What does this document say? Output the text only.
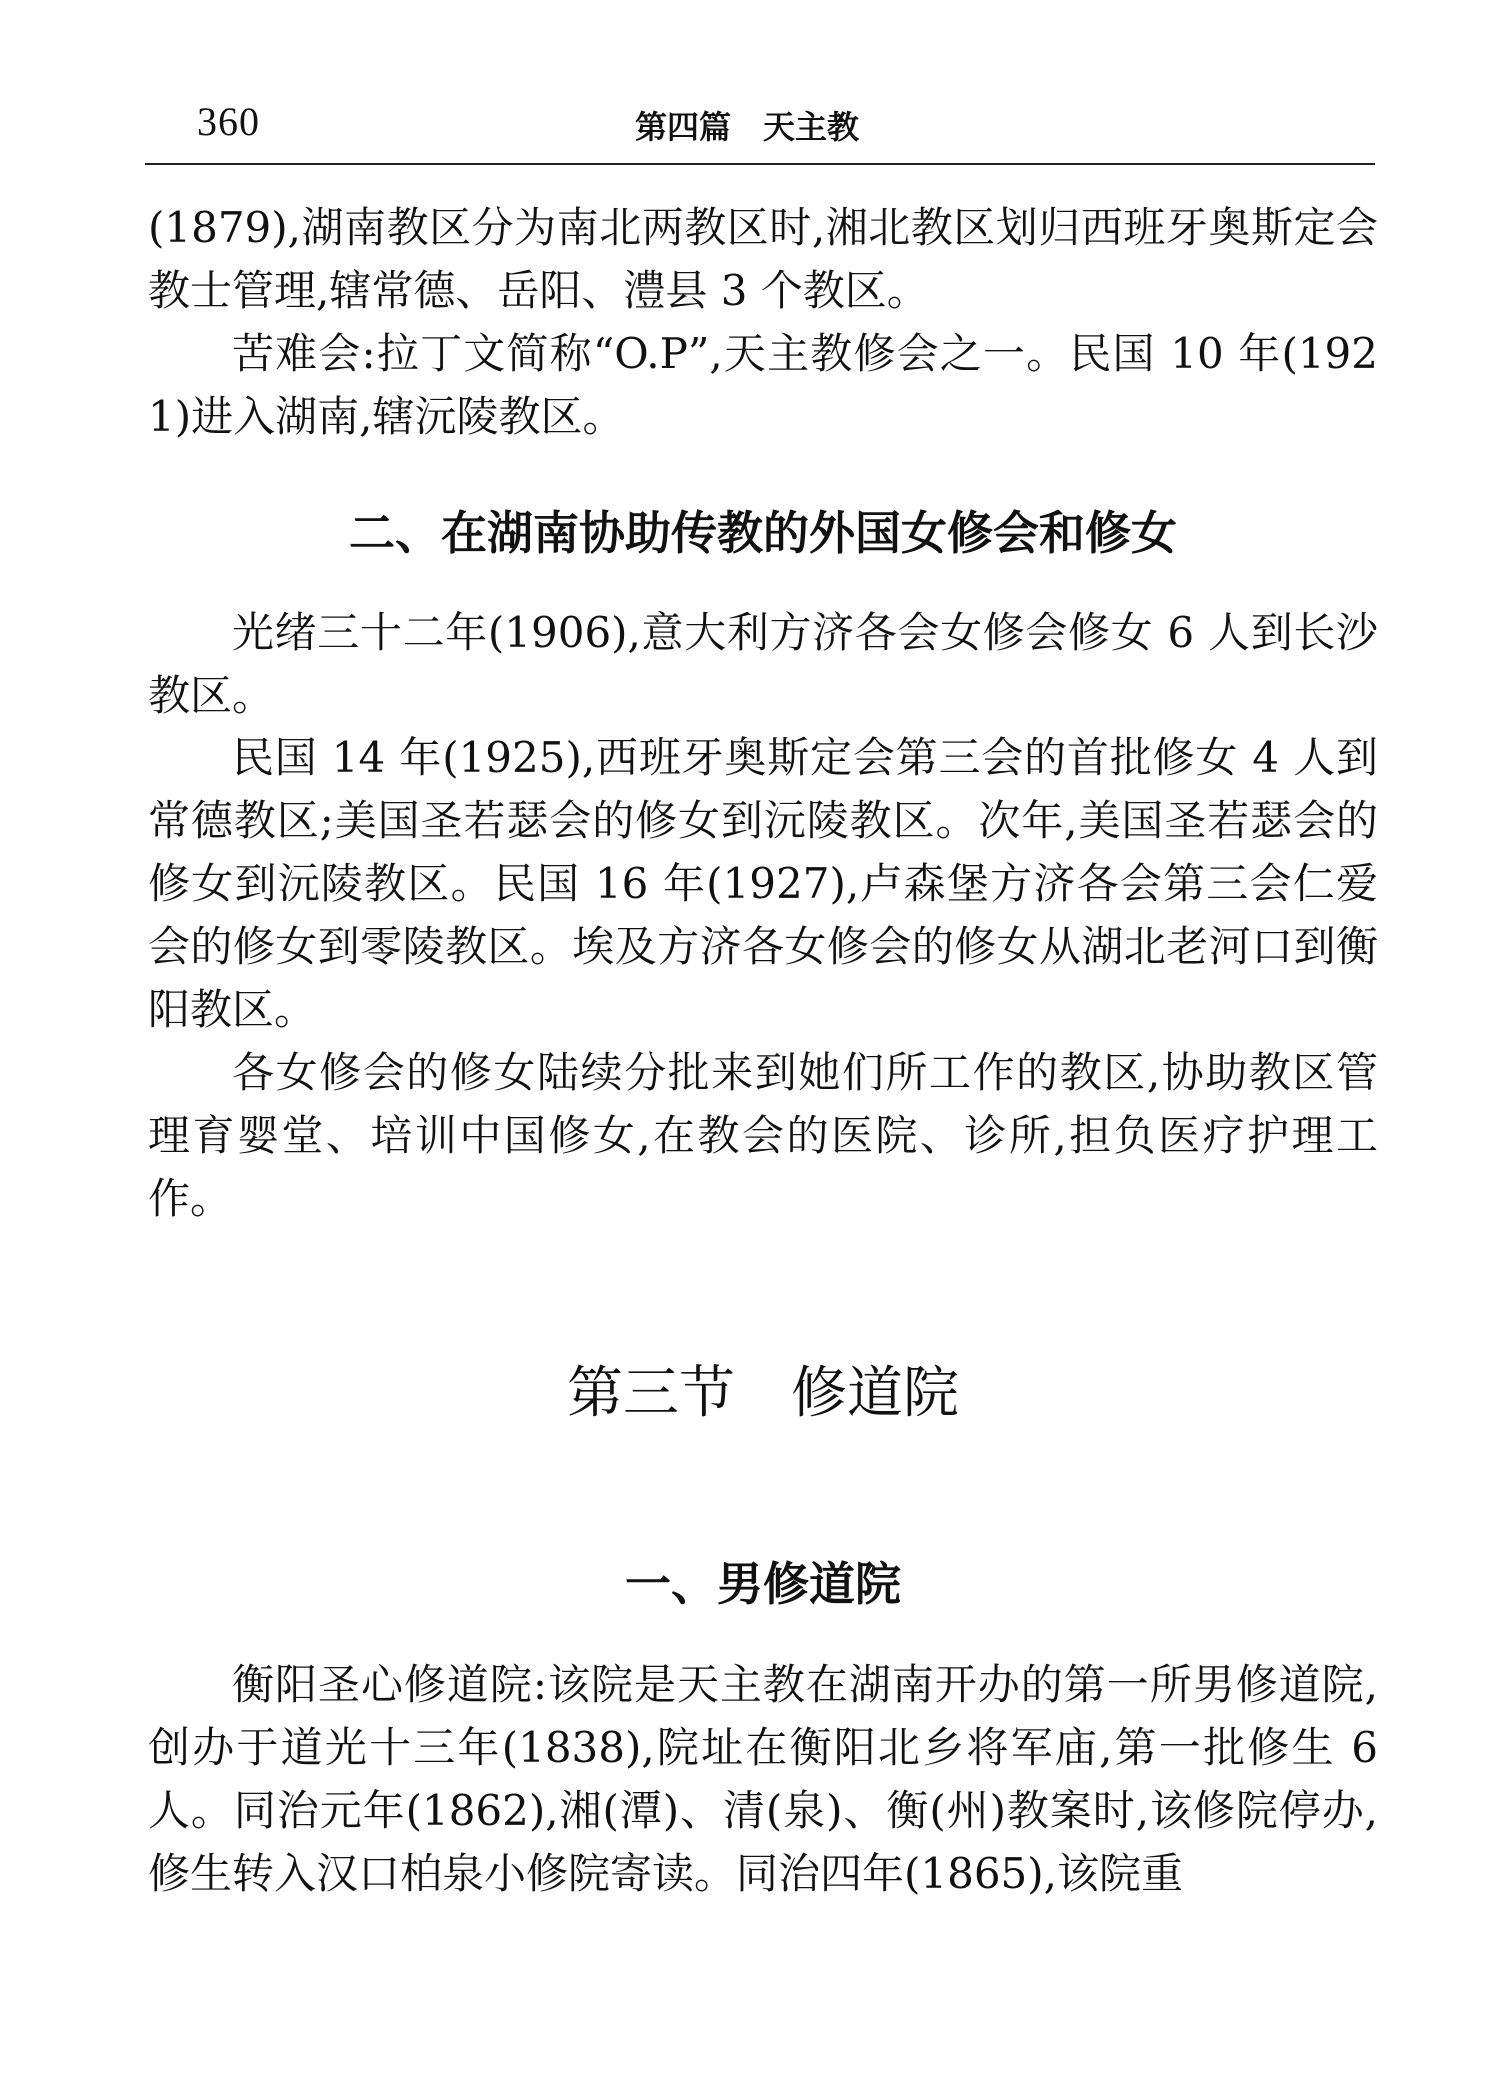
360	第四篇　天主教

(1879),湖南教区分为南北两教区时,湘北教区划归西班牙奥斯定会教士管理,辖常德、岳阳、澧县 3 个教区。

苦难会:拉丁文简称“O.P”,天主教修会之一。民国 10 年(1921)进入湖南,辖沅陵教区。

二、在湖南协助传教的外国女修会和修女

光绪三十二年(1906),意大利方济各会女修会修女 6 人到长沙教区。

民国 14 年(1925),西班牙奥斯定会第三会的首批修女 4 人到常德教区;美国圣若瑟会的修女到沅陵教区。次年,美国圣若瑟会的修女到沅陵教区。民国 16 年(1927),卢森堡方济各会第三会仁爱会的修女到零陵教区。埃及方济各女修会的修女从湖北老河口到衡阳教区。

各女修会的修女陆续分批来到她们所工作的教区,协助教区管理育婴堂、培训中国修女,在教会的医院、诊所,担负医疗护理工作。

第三节　修道院
一、男修道院

衡阳圣心修道院:该院是天主教在湖南开办的第一所男修道院,创办于道光十三年(1838),院址在衡阳北乡将军庙,第一批修生 6 人。同治元年(1862),湘(潭)、清(泉)、衡(州)教案时,该修院停办,修生转入汉口柏泉小修院寄读。同治四年(1865),该院重
